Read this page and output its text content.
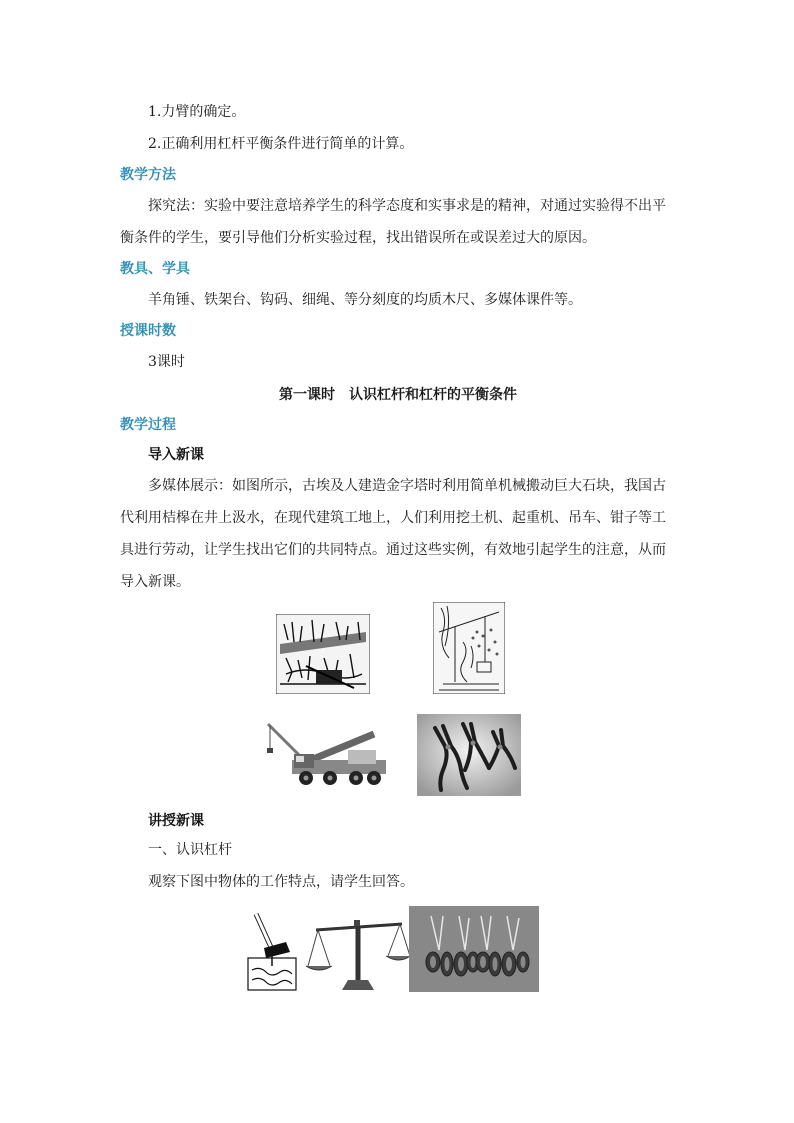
1.力臂的确定。

2.正确利用杠杆平衡条件进行简单的计算。

教学方法

探究法：实验中要注意培养学生的科学态度和实事求是的精神，对通过实验得不出平衡条件的学生，要引导他们分析实验过程，找出错误所在或误差过大的原因。

教具、学具

羊角锤、铁架台、钩码、细绳、等分刻度的均质木尺、多媒体课件等。

授课时数

3课时

第一课时　认识杠杆和杠杆的平衡条件

教学过程

导入新课

多媒体展示：如图所示，古埃及人建造金字塔时利用简单机械搬动巨大石块，我国古代利用桔槔在井上汲水，在现代建筑工地上，人们利用挖土机、起重机、吊车、钳子等工具进行劳动，让学生找出它们的共同特点。通过这些实例，有效地引起学生的注意，从而导入新课。

讲授新课

一、认识杠杆

观察下图中物体的工作特点，请学生回答。
